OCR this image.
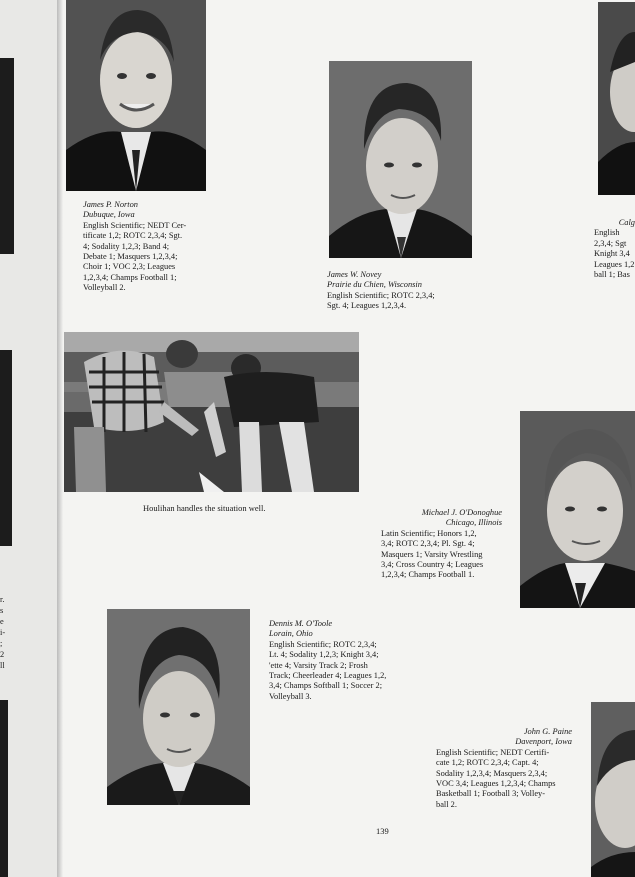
r.
s
e
i-
;
2
ll
James P. Norton
Dubuque, Iowa
English Scientific; NEDT Cer-
tificate 1,2; ROTC 2,3,4; Sgt.
4; Sodality 1,2,3; Band 4;
Debate 1; Masquers 1,2,3,4;
Choir 1; VOC 2,3; Leagues
1,2,3,4; Champs Football 1;
Volleyball 2.
James W. Novey
Prairie du Chien, Wisconsin
English Scientific; ROTC 2,3,4;
Sgt. 4; Leagues 1,2,3,4.
Calg
English
2,3,4; Sgt
Knight 3,4
Leagues 1,2
ball 1; Bas
Houlihan handles the situation well.	Michael J. O'Donoghue
Chicago, Illinois
Latin Scientific; Honors 1,2,
3,4; ROTC 2,3,4; Pl. Sgt. 4;
Masquers 1; Varsity Wrestling
3,4; Cross Country 4; Leagues
1,2,3,4; Champs Football 1.
Dennis M. O'Toole
Lorain, Ohio
English Scientific; ROTC 2,3,4;
Lt. 4; Sodality 1,2,3; Knight 3,4;
'ette 4; Varsity Track 2; Frosh
Track; Cheerleader 4; Leagues 1,2,
3,4; Champs Softball 1; Soccer 2;
Volleyball 3.
John G. Paine
Davenport, Iowa
English Scientific; NEDT Certifi-
cate 1,2; ROTC 2,3,4; Capt. 4;
Sodality 1,2,3,4; Masquers 2,3,4;
VOC 3,4; Leagues 1,2,3,4; Champs
Basketball 1; Football 3; Volley-
ball 2.
139
